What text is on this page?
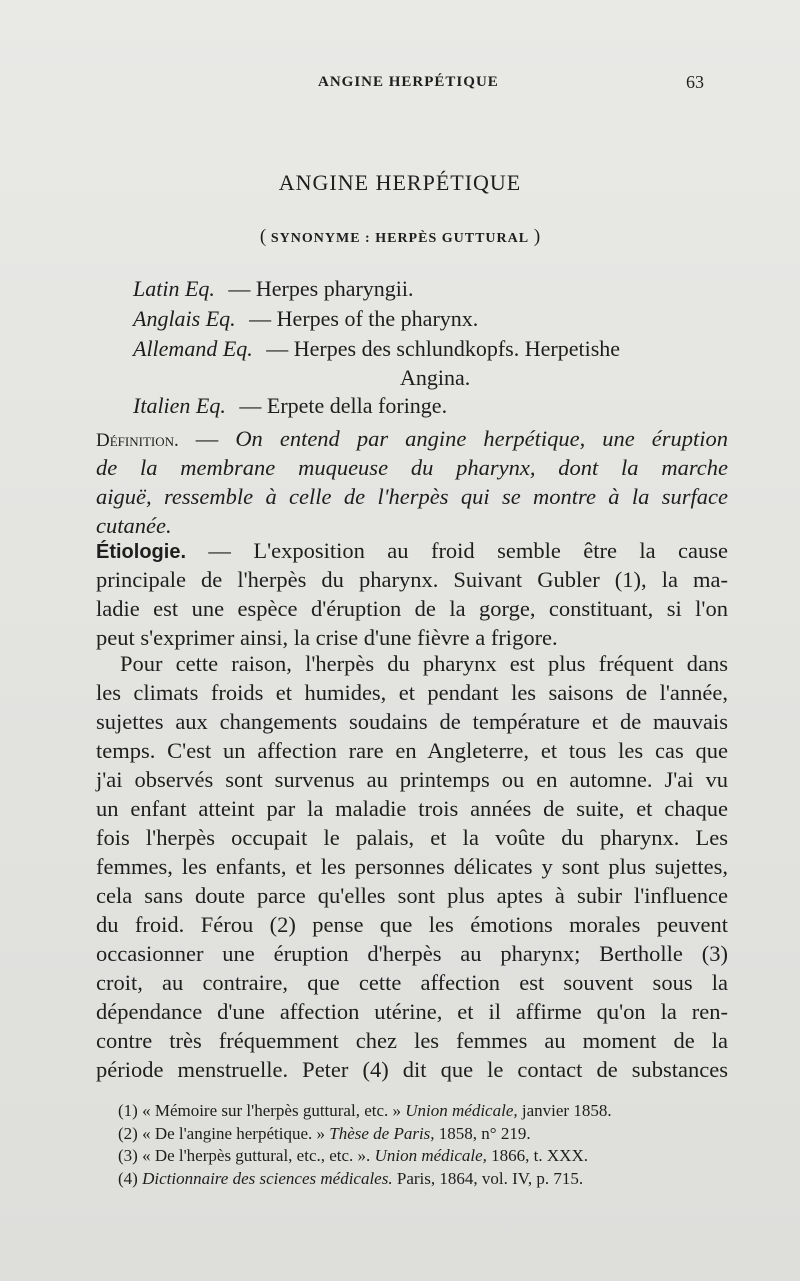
ANGINE HERPÉTIQUE	63
ANGINE HERPÉTIQUE
( SYNONYME : HERPÈS GUTTURAL )
Latin Eq. — Herpes pharyngii.
Anglais Eq. — Herpes of the pharynx.
Allemand Eq. — Herpes des schlundkopfs. Herpetishe
Angina.
Italien Eq. — Erpete della foringe.
Définition. — On entend par angine herpétique, une éruption
de la membrane muqueuse du pharynx, dont la marche
aiguë, ressemble à celle de l'herpès qui se montre à la surface
cutanée.
Étiologie. — L'exposition au froid semble être la cause
principale de l'herpès du pharynx. Suivant Gubler (1), la ma-
ladie est une espèce d'éruption de la gorge, constituant, si l'on
peut s'exprimer ainsi, la crise d'une fièvre a frigore.
Pour cette raison, l'herpès du pharynx est plus fréquent dans
les climats froids et humides, et pendant les saisons de l'année,
sujettes aux changements soudains de température et de mauvais
temps. C'est un affection rare en Angleterre, et tous les cas que
j'ai observés sont survenus au printemps ou en automne. J'ai vu
un enfant atteint par la maladie trois années de suite, et chaque
fois l'herpès occupait le palais, et la voûte du pharynx. Les
femmes, les enfants, et les personnes délicates y sont plus sujettes,
cela sans doute parce qu'elles sont plus aptes à subir l'influence
du froid. Férou (2) pense que les émotions morales peuvent
occasionner une éruption d'herpès au pharynx; Bertholle (3)
croit, au contraire, que cette affection est souvent sous la
dépendance d'une affection utérine, et il affirme qu'on la ren-
contre très fréquemment chez les femmes au moment de la
période menstruelle. Peter (4) dit que le contact de substances
(1) « Mémoire sur l'herpès guttural, etc. » Union médicale, janvier 1858.
(2) « De l'angine herpétique. » Thèse de Paris, 1858, n° 219.
(3) « De l'herpès guttural, etc., etc. ». Union médicale, 1866, t. XXX.
(4) Dictionnaire des sciences médicales. Paris, 1864, vol. IV, p. 715.
